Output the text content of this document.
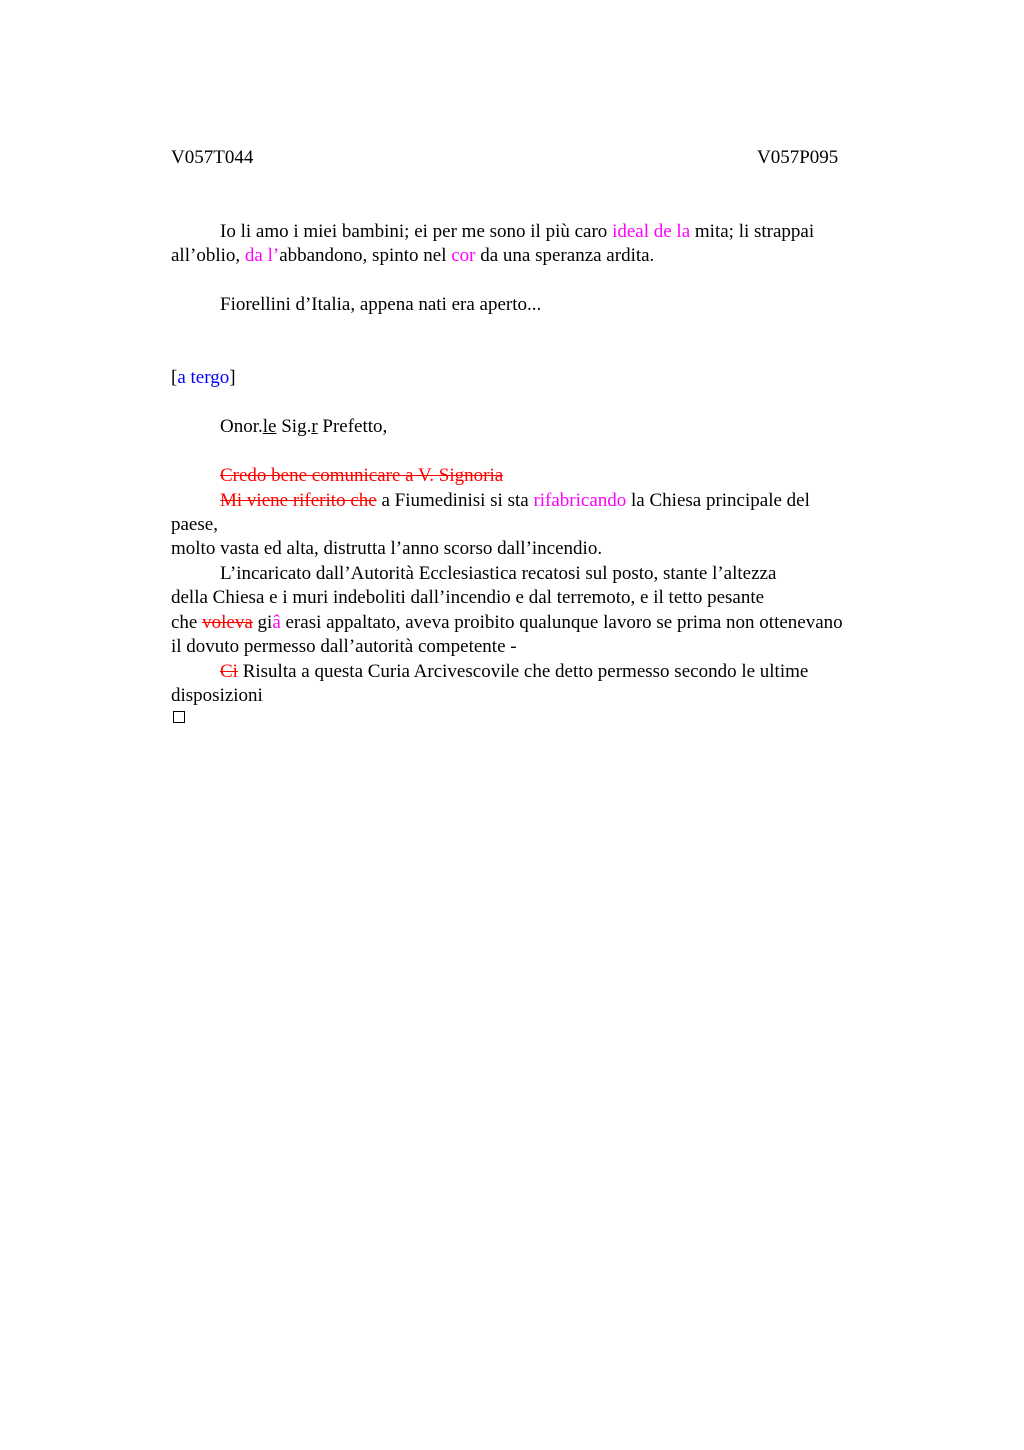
V057T044	V057P095
Io li amo i miei bambini; ei per me sono il più caro ideal de la mita; li strappai
all’oblio, da l’abbandono, spinto nel cor da una speranza ardita.
Fiorellini d’Italia, appena nati era aperto...
[a tergo]
Onor.le Sig.r Prefetto,
Credo bene comunicare a V. Signoria
Mi viene riferito che a Fiumedinisi si sta rifabricando la Chiesa principale del
paese,
molto vasta ed alta, distrutta l’anno scorso dall’incendio.
L’incaricato dall’Autorità Ecclesiastica recatosi sul posto, stante l’altezza
della Chiesa e i muri indeboliti dall’incendio e dal terremoto, e il tetto pesante
che voleva giâ erasi appaltato, aveva proibito qualunque lavoro se prima non ottenevano
il dovuto permesso dall’autorità competente -
Ci Risulta a questa Curia Arcivescovile che detto permesso secondo le ultime
disposizioni
